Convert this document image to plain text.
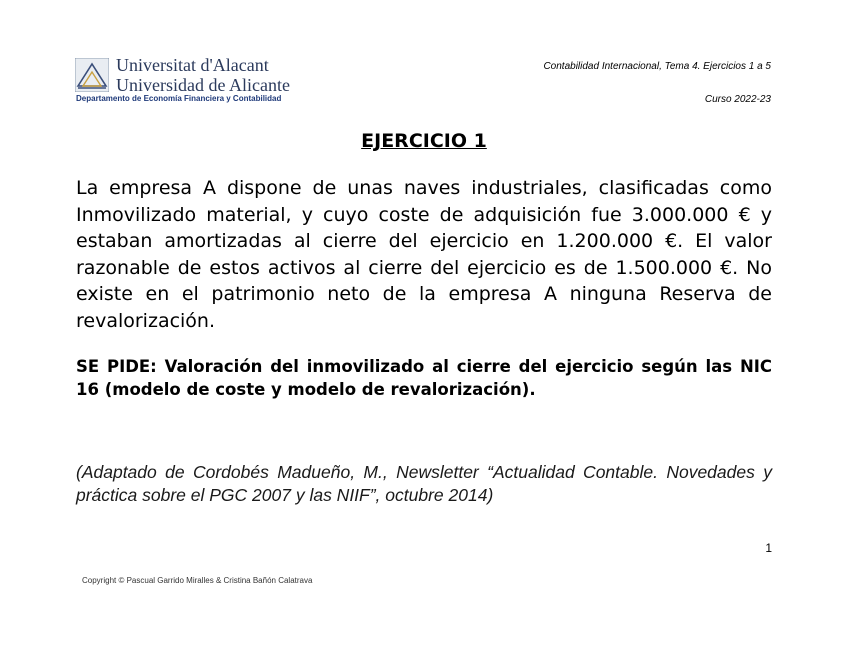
Universitat d'Alacant
Universidad de Alicante
Departamento de Economía Financiera y Contabilidad
Contabilidad Internacional, Tema 4. Ejercicios 1 a 5
Curso 2022-23
EJERCICIO 1
La empresa A dispone de unas naves industriales, clasificadas como Inmovilizado material, y cuyo coste de adquisición fue 3.000.000 € y estaban amortizadas al cierre del ejercicio en 1.200.000 €. El valor razonable de estos activos al cierre del ejercicio es de 1.500.000 €. No existe en el patrimonio neto de la empresa A ninguna Reserva de revalorización.
SE PIDE: Valoración del inmovilizado al cierre del ejercicio según las NIC 16 (modelo de coste y modelo de revalorización).
(Adaptado de Cordobés Madueño, M., Newsletter “Actualidad Contable. Novedades y práctica sobre el PGC 2007 y las NIIF”, octubre 2014)
1
Copyright © Pascual Garrido Miralles & Cristina Bañón Calatrava
